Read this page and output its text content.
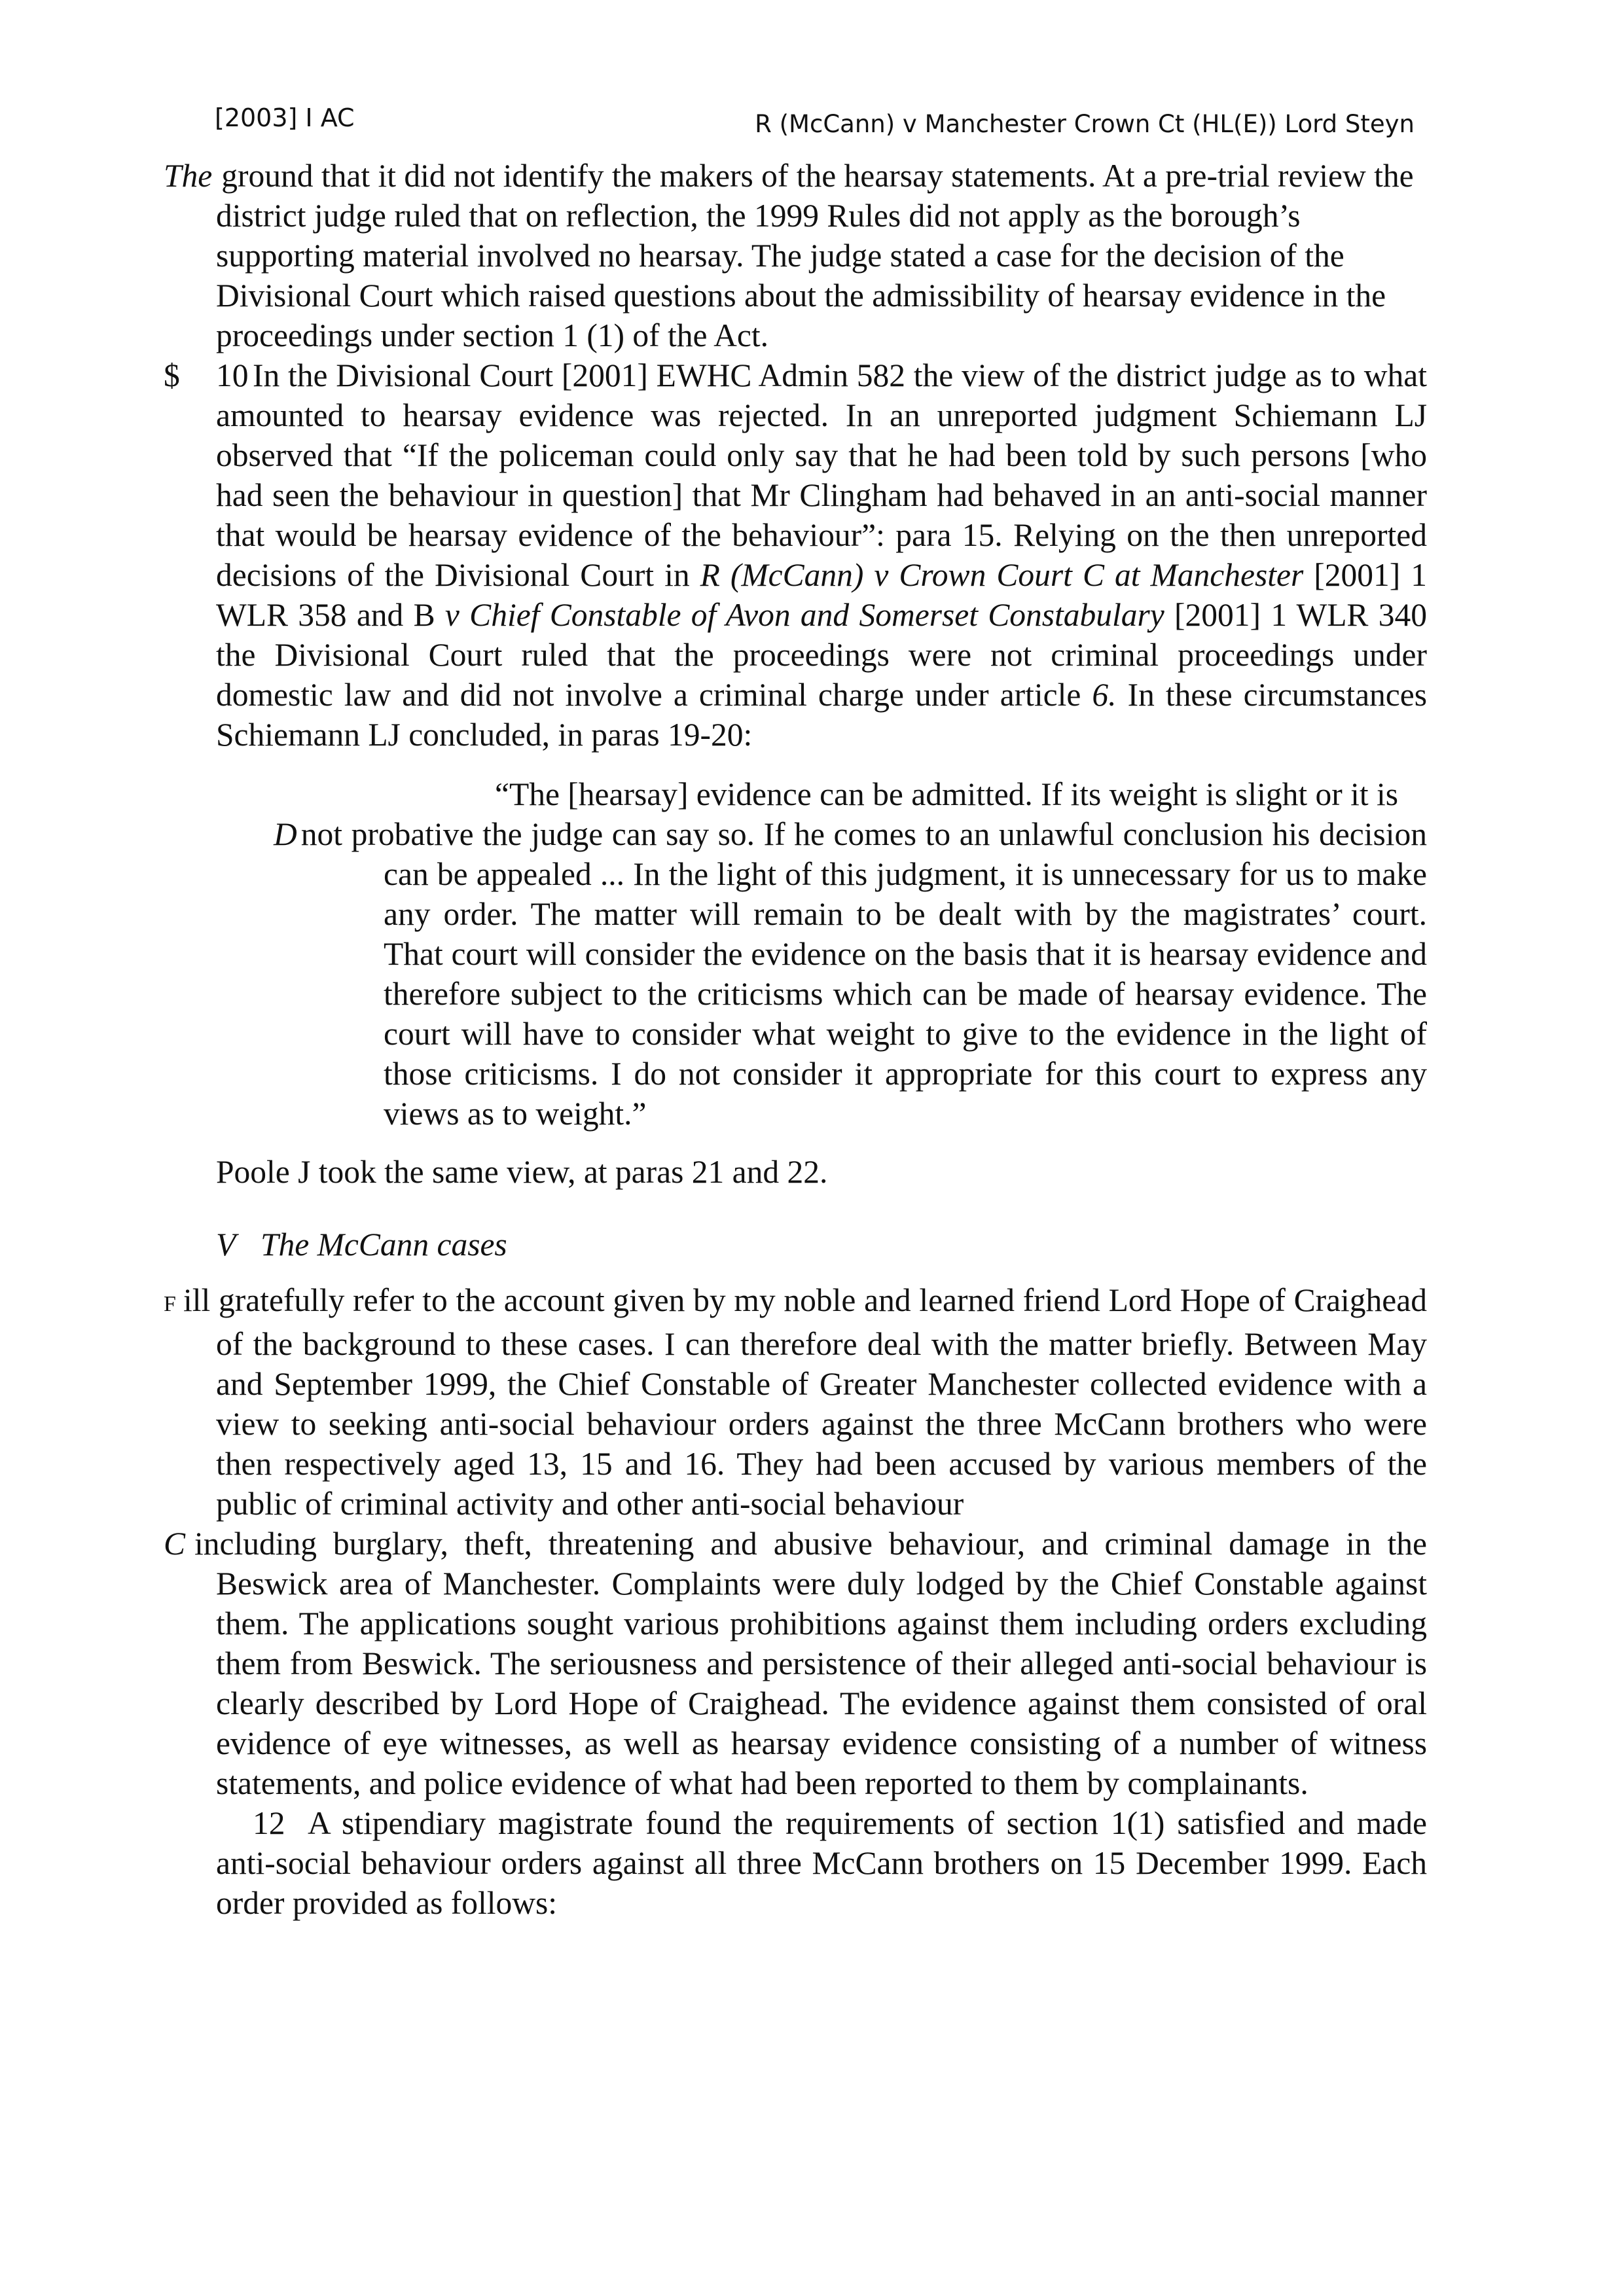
[2003] I AC	R (McCann) v Manchester Crown Ct (HL(E)) Lord Steyn

The ground that it did not identify the makers of the hearsay statements. At a pre-trial review the district judge ruled that on reflection, the 1999 Rules did not apply as the borough’s supporting material involved no hearsay. The judge stated a case for the decision of the Divisional Court which raised questions about the admissibility of hearsay evidence in the proceedings under section 1 (1) of the Act.

$ 10 In the Divisional Court [2001] EWHC Admin 582 the view of the district judge as to what amounted to hearsay evidence was rejected. In an unreported judgment Schiemann LJ observed that “If the policeman could only say that he had been told by such persons [who had seen the behaviour in question] that Mr Clingham had behaved in an anti-social manner that would be hearsay evidence of the behaviour”: para 15. Relying on the then unreported decisions of the Divisional Court in R (McCann) v Crown Court C at Manchester [2001] 1 WLR 358 and B v Chief Constable of Avon and Somerset Constabulary [2001] 1 WLR 340 the Divisional Court ruled that the proceedings were not criminal proceedings under domestic law and did not involve a criminal charge under article 6. In these circumstances Schiemann LJ concluded, in paras 19-20:

“The [hearsay] evidence can be admitted. If its weight is slight or it is
D not probative the judge can say so. If he comes to an unlawful conclusion his decision can be appealed ... In the light of this judgment, it is unnecessary for us to make any order. The matter will remain to be dealt with by the magistrates’ court. That court will consider the evidence on the basis that it is hearsay evidence and therefore subject to the criticisms which can be made of hearsay evidence. The court will have to consider what weight to give to the evidence in the light of those criticisms. I do not consider it appropriate for this court to express any views as to weight.”

Poole J took the same view, at paras 21 and 22.

V The McCann cases

F ill gratefully refer to the account given by my noble and learned friend Lord Hope of Craighead of the background to these cases. I can therefore deal with the matter briefly. Between May and September 1999, the Chief Constable of Greater Manchester collected evidence with a view to seeking anti-social behaviour orders against the three McCann brothers who were then respectively aged 13, 15 and 16. They had been accused by various members of the public of criminal activity and other anti-social behaviour

C including burglary, theft, threatening and abusive behaviour, and criminal damage in the Beswick area of Manchester. Complaints were duly lodged by the Chief Constable against them. The applications sought various prohibitions against them including orders excluding them from Beswick. The seriousness and persistence of their alleged anti-social behaviour is clearly described by Lord Hope of Craighead. The evidence against them consisted of oral evidence of eye witnesses, as well as hearsay evidence consisting of a number of witness statements, and police evidence of what had been reported to them by complainants.

12 A stipendiary magistrate found the requirements of section 1(1) satisfied and made anti-social behaviour orders against all three McCann brothers on 15 December 1999. Each order provided as follows:
